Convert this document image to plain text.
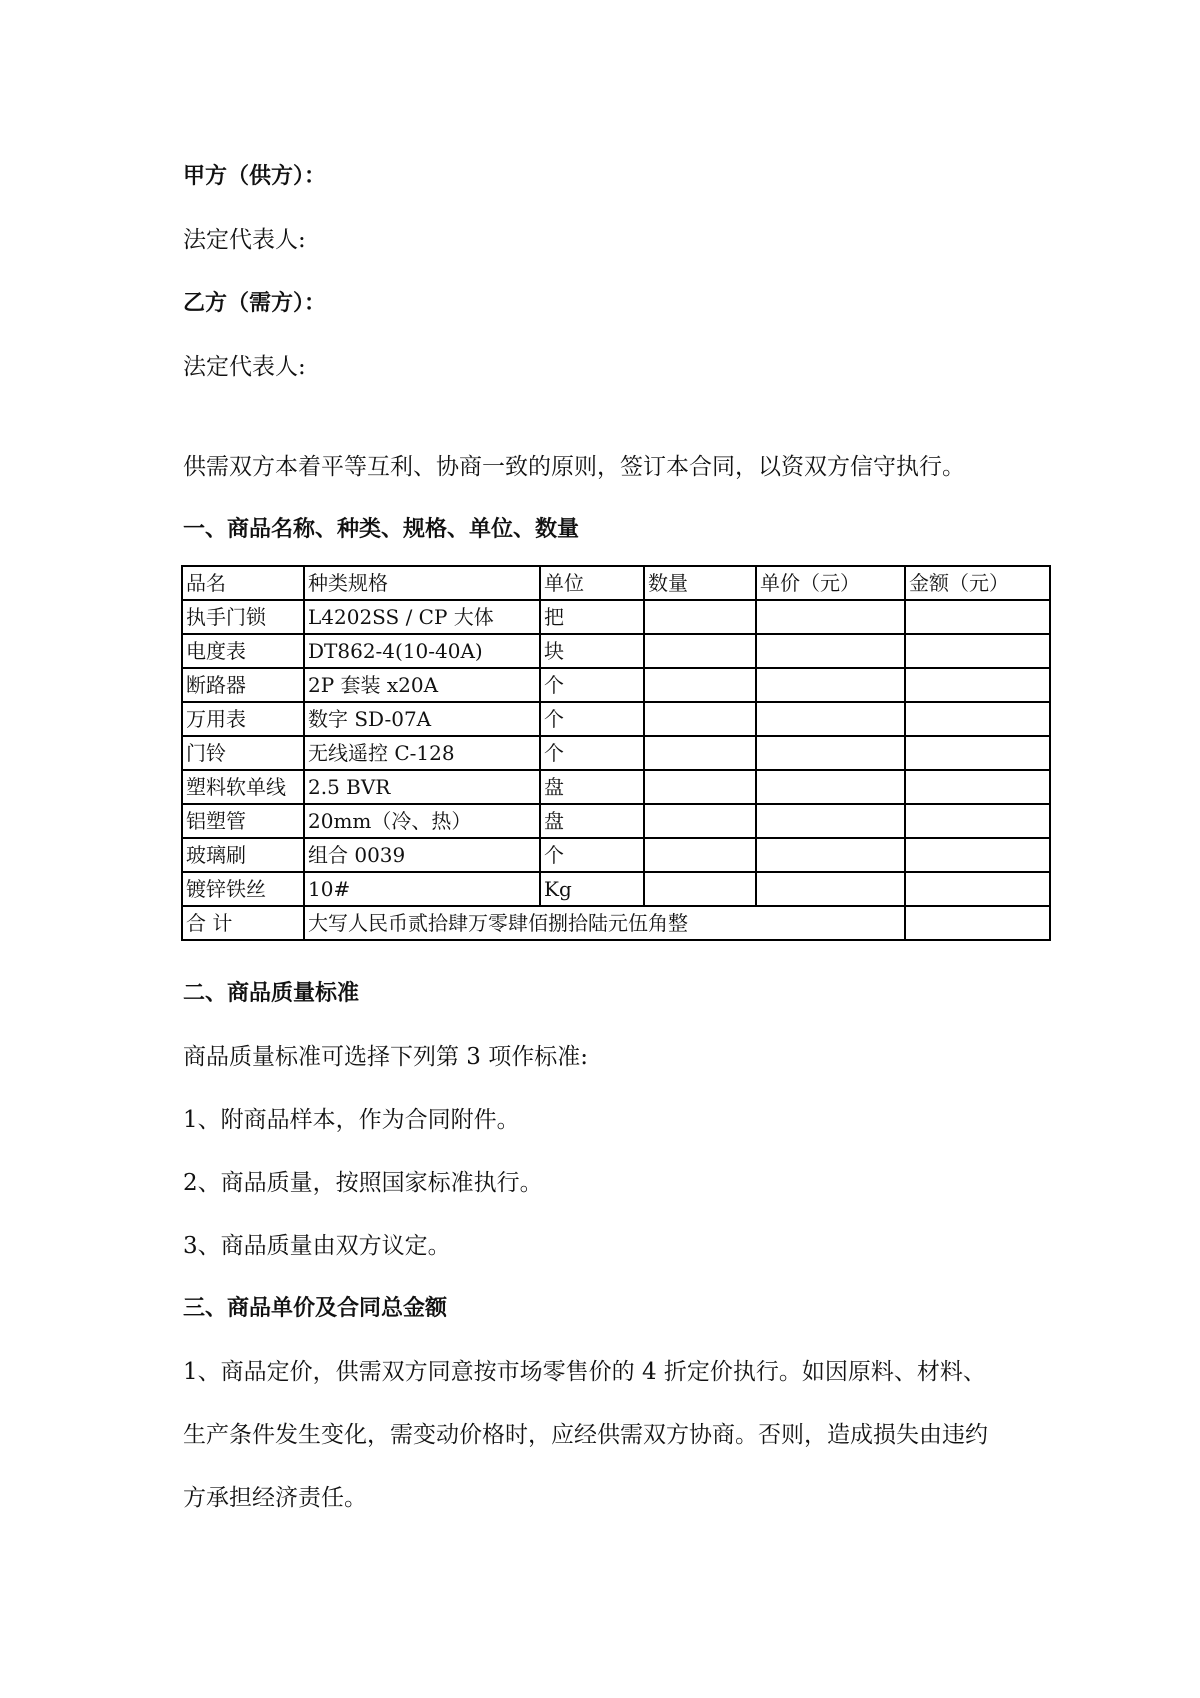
甲方（供方）：
法定代表人:
乙方（需方）：
法定代表人:
供需双方本着平等互利、协商一致的原则，签订本合同，以资双方信守执行。
一、商品名称、种类、规格、单位、数量
品名	种类规格	单位	数量	单价（元）	金额（元）
执手门锁	L4202SS / CP 大体	把			
电度表	DT862-4(10-40A)	块			
断路器	2P 套装 x20A	个			
万用表	数字 SD-07A	个			
门铃	无线遥控 C-128	个			
塑料软单线	2.5 BVR	盘			
铝塑管	20mm（冷、热）	盘			
玻璃刷	组合 0039	个			
镀锌铁丝	10#	Kg			
合 计	大写人民币贰拾肆万零肆佰捌拾陆元伍角整				
二、商品质量标准
商品质量标准可选择下列第 3 项作标准:
1、附商品样本，作为合同附件。
2、商品质量，按照国家标准执行。
3、商品质量由双方议定。
三、商品单价及合同总金额
1、商品定价，供需双方同意按市场零售价的 4 折定价执行。如因原料、材料、
生产条件发生变化，需变动价格时，应经供需双方协商。否则，造成损失由违约
方承担经济责任。
